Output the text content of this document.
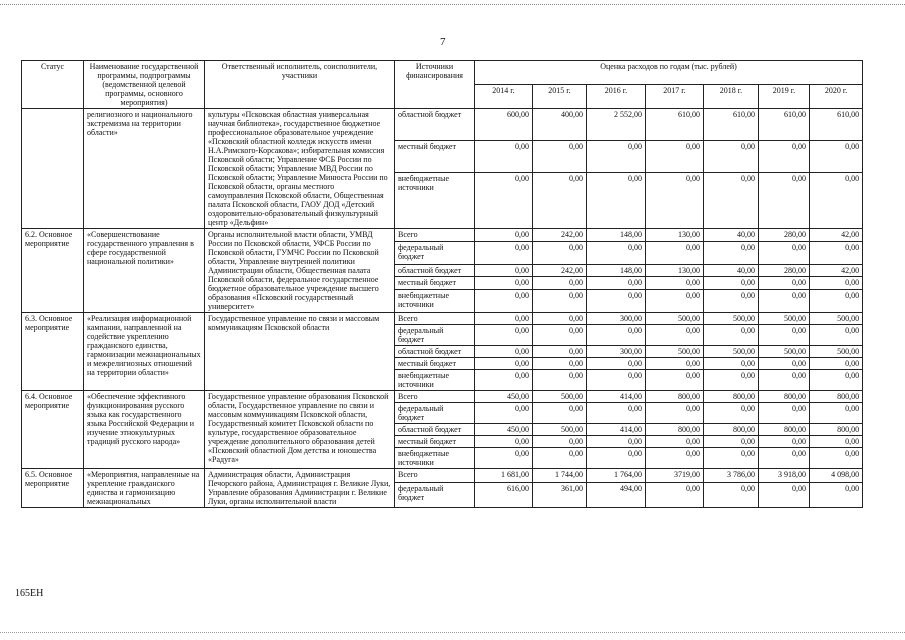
7
Статус	Наименование государственной программы, подпрограммы (ведомственной целевой программы, основного мероприятия)	Ответственный исполнитель, соисполнители, участники	Источники финансирования	Оценка расходов по годам (тыс. рублей)						
				2014 г.	2015 г.	2016 г.	2017 г.	2018 г.	2019 г.	2020 г.
	религиозного и национального экстремизма на территории области»	культуры «Псковская областная универсальная научная библиотека», государственное бюджетное профессиональное образовательное учреждение «Псковский областной колледж искусств имени Н.А.Римского-Корсакова»; избирательная комиссия Псковской области; Управление ФСБ России по Псковской области; Управление МВД России по Псковской области; Управление Минюста России по Псковской области, органы местного самоуправления Псковской области, Общественная палата Псковской области, ГАОУ ДОД «Детский оздоровительно-образовательный физкультурный центр «Дельфин»	областной бюджет	600,00	400,00	2 552,00	610,00	610,00	610,00	610,00
			местный бюджет	0,00	0,00	0,00	0,00	0,00	0,00	0,00
			внебюджетные источники	0,00	0,00	0,00	0,00	0,00	0,00	0,00
6.2. Основное мероприятие	«Совершенствование государственного управления в сфере государственной национальной политики»	Органы исполнительной власти области, УМВД России по Псковской области, УФСБ России по Псковской области, ГУМЧС России по Псковской области, Управление внутренней политики Администрации области, Общественная палата Псковской области, федеральное государственное бюджетное образовательное учреждение высшего образования «Псковский государственный университет»	Всего	0,00	242,00	148,00	130,00	40,00	280,00	42,00
			федеральный бюджет	0,00	0,00	0,00	0,00	0,00	0,00	0,00
			областной бюджет	0,00	242,00	148,00	130,00	40,00	280,00	42,00
			местный бюджет	0,00	0,00	0,00	0,00	0,00	0,00	0,00
			внебюджетные источники	0,00	0,00	0,00	0,00	0,00	0,00	0,00
6.3. Основное мероприятие	«Реализация информационной кампании, направленной на содействие укреплению гражданского единства, гармонизации межнациональных и межрелигиозных отношений на территории области»	Государственное управление по связи и массовым коммуникациям Псковской области	Всего	0,00	0,00	300,00	500,00	500,00	500,00	500,00
			федеральный бюджет	0,00	0,00	0,00	0,00	0,00	0,00	0,00
			областной бюджет	0,00	0,00	300,00	500,00	500,00	500,00	500,00
			местный бюджет	0,00	0,00	0,00	0,00	0,00	0,00	0,00
			внебюджетные источники	0,00	0,00	0,00	0,00	0,00	0,00	0,00
6.4. Основное мероприятие	«Обеспечение эффективного функционирования русского языка как государственного языка Российской Федерации и изучение этнокультурных традиций русского народа»	Государственное управление образования Псковской области, Государственное управление по связи и массовым коммуникациям Псковской области, Государственный комитет Псковской области по культуре, государственное образовательное учреждение дополнительного образования детей «Псковский областной Дом детства и юношества «Радуга»	Всего	450,00	500,00	414,00	800,00	800,00	800,00	800,00
			федеральный бюджет	0,00	0,00	0,00	0,00	0,00	0,00	0,00
			областной бюджет	450,00	500,00	414,00	800,00	800,00	800,00	800,00
			местный бюджет	0,00	0,00	0,00	0,00	0,00	0,00	0,00
			внебюджетные источники	0,00	0,00	0,00	0,00	0,00	0,00	0,00
6.5. Основное мероприятие	«Мероприятия, направленные на укрепление гражданского единства и гармонизацию межнациональных	Администрация области, Администрация Печорского района, Администрация г. Великие Луки, Управление образования Администрации г. Великие Луки, органы исполнительной власти	Всего	1 681,00	1 744,00	1 764,00	3719,00	3 786,00	3 918,00	4 098,00
			федеральный бюджет	616,00	361,00	494,00	0,00	0,00	0,00	0,00
165ЕН
